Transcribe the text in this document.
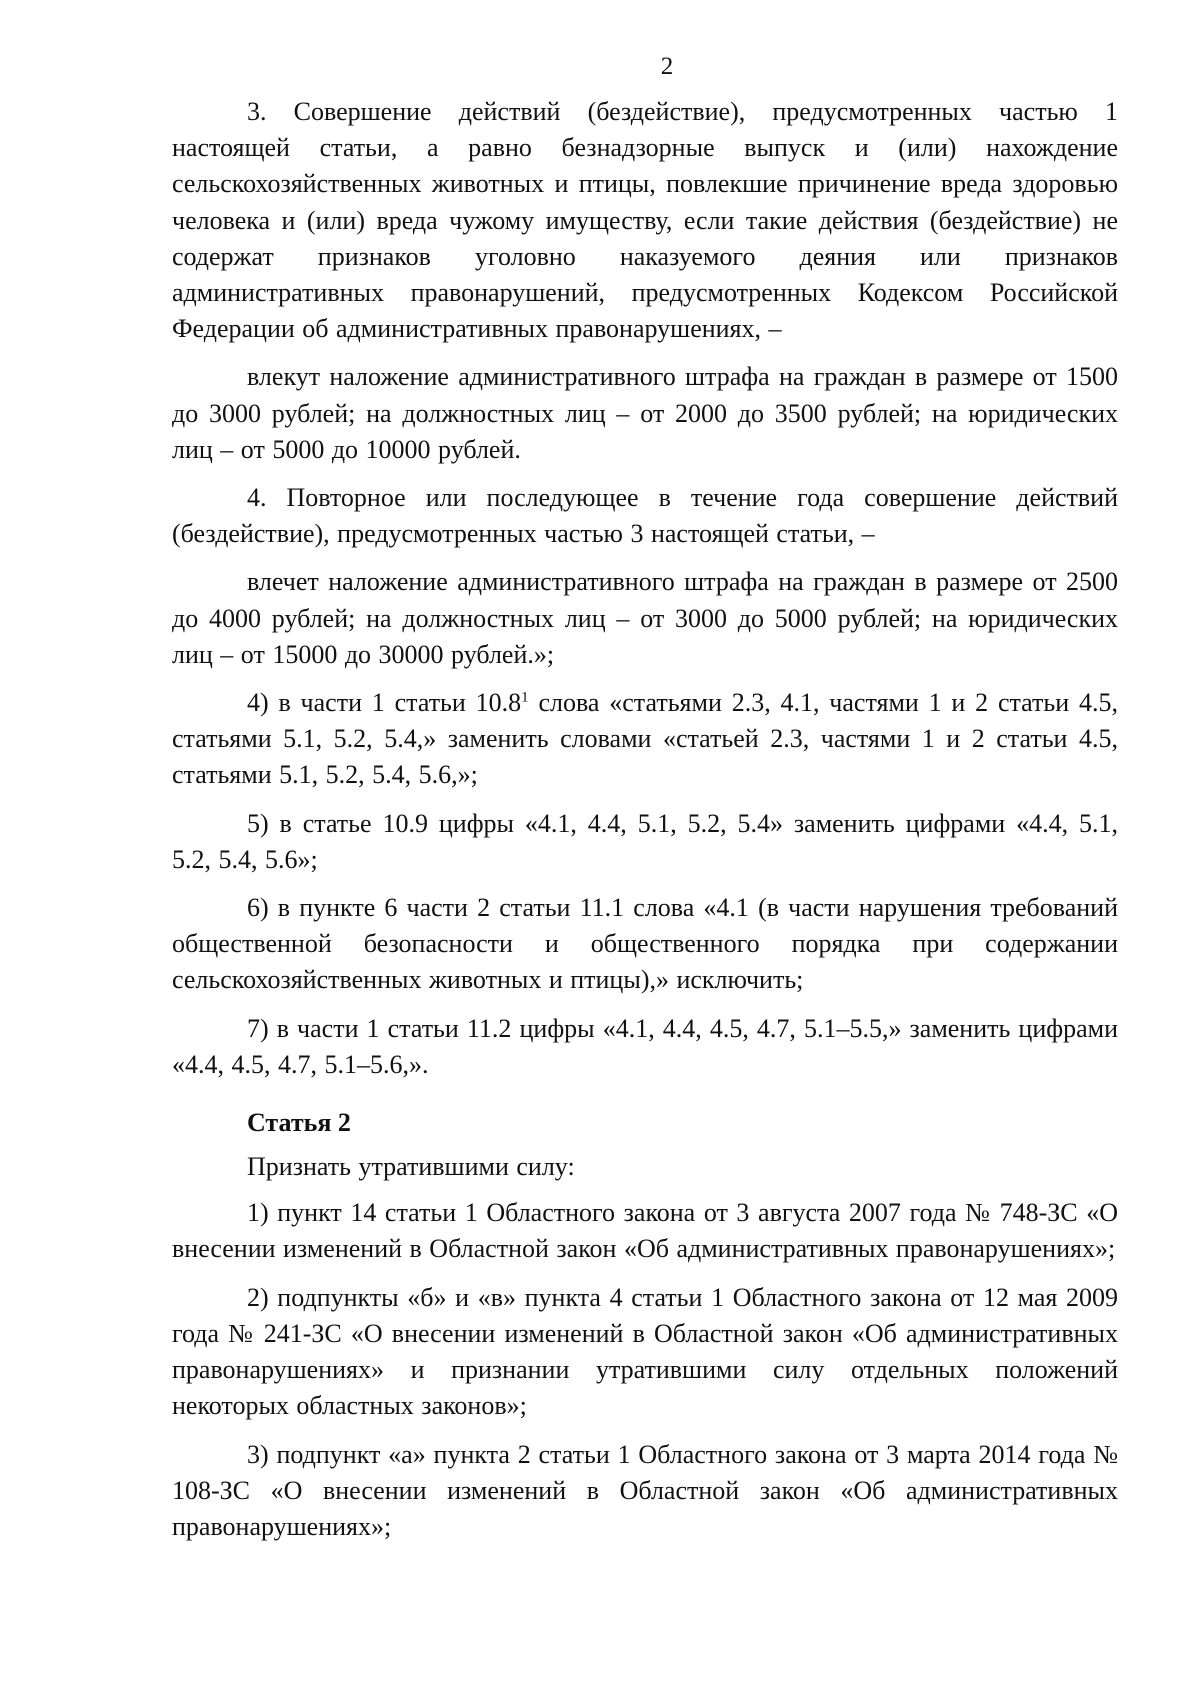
2

3. Совершение действий (бездействие), предусмотренных частью 1 настоящей статьи, а равно безнадзорные выпуск и (или) нахождение сельскохозяйственных животных и птицы, повлекшие причинение вреда здоровью человека и (или) вреда чужому имуществу, если такие действия (бездействие) не содержат признаков уголовно наказуемого деяния или признаков административных правонарушений, предусмотренных Кодексом Российской Федерации об административных правонарушениях, –

влекут наложение административного штрафа на граждан в размере от 1500 до 3000 рублей; на должностных лиц – от 2000 до 3500 рублей; на юридических лиц – от 5000 до 10000 рублей.

4. Повторное или последующее в течение года совершение действий (бездействие), предусмотренных частью 3 настоящей статьи, –

влечет наложение административного штрафа на граждан в размере от 2500 до 4000 рублей; на должностных лиц – от 3000 до 5000 рублей; на юридических лиц – от 15000 до 30000 рублей.»;

4) в части 1 статьи 10.8$^1$ слова «статьями 2.3, 4.1, частями 1 и 2 статьи 4.5, статьями 5.1, 5.2, 5.4,» заменить словами «статьей 2.3, частями 1 и 2 статьи 4.5, статьями 5.1, 5.2, 5.4, 5.6,»;

5) в статье 10.9 цифры «4.1, 4.4, 5.1, 5.2, 5.4» заменить цифрами «4.4, 5.1, 5.2, 5.4, 5.6»;

6) в пункте 6 части 2 статьи 11.1 слова «4.1 (в части нарушения требований общественной безопасности и общественного порядка при содержании сельскохозяйственных животных и птицы),» исключить;

7) в части 1 статьи 11.2 цифры «4.1, 4.4, 4.5, 4.7, 5.1–5.5,» заменить цифрами «4.4, 4.5, 4.7, 5.1–5.6,».

Статья 2

Признать утратившими силу:

1) пункт 14 статьи 1 Областного закона от 3 августа 2007 года № 748-ЗС «О внесении изменений в Областной закон «Об административных правонарушениях»;

2) подпункты «б» и «в» пункта 4 статьи 1 Областного закона от 12 мая 2009 года № 241-ЗС «О внесении изменений в Областной закон «Об административных правонарушениях» и признании утратившими силу отдельных положений некоторых областных законов»;

3) подпункт «а» пункта 2 статьи 1 Областного закона от 3 марта 2014 года № 108-ЗС «О внесении изменений в Областной закон «Об административных правонарушениях»;
